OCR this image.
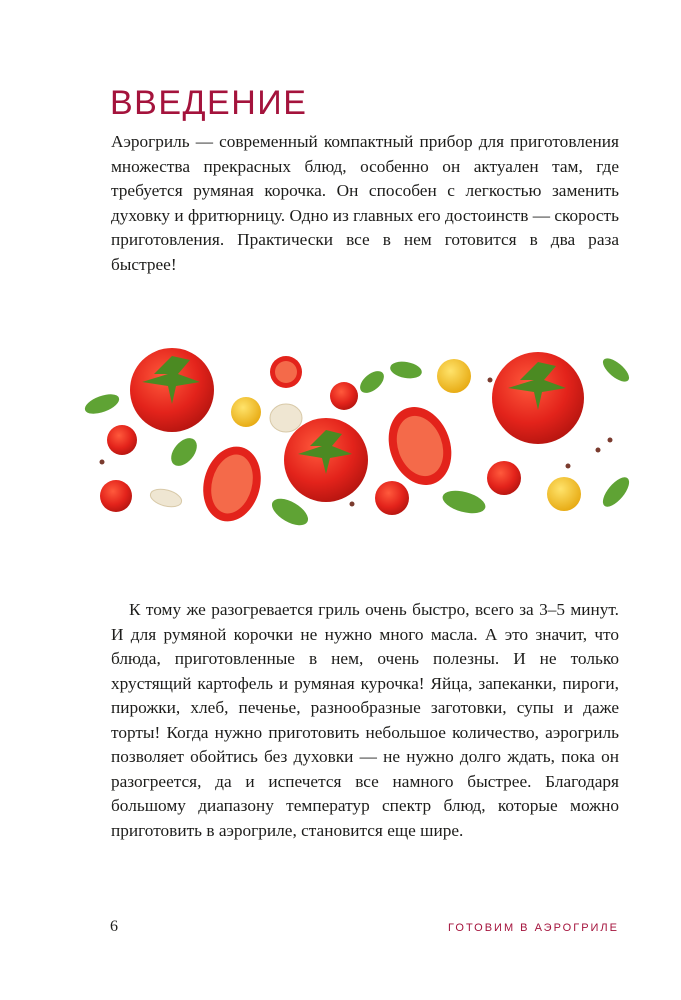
ВВЕДЕНИЕ

Аэрогриль — современный компактный прибор для приготовления множества прекрасных блюд, особенно он актуален там, где требуется румяная корочка. Он способен с легкостью заменить духовку и фритюрницу. Одно из главных его достоинств — скорость приготовления. Практически все в нем готовится в два раза быстрее!

К тому же разогревается гриль очень быстро, всего за 3–5 минут. И для румяной корочки не нужно много масла. А это значит, что блюда, приготовленные в нем, очень полезны. И не только хрустящий картофель и румяная курочка! Яйца, запеканки, пироги, пирожки, хлеб, печенье, разнообразные заготовки, супы и даже торты! Когда нужно приготовить небольшое количество, аэрогриль позволяет обойтись без духовки — не нужно долго ждать, пока он разогреется, да и испечется все намного быстрее. Благодаря большому диапазону температур спектр блюд, которые можно приготовить в аэрогриле, становится еще шире.

6	ГОТОВИМ В АЭРОГРИЛЕ
